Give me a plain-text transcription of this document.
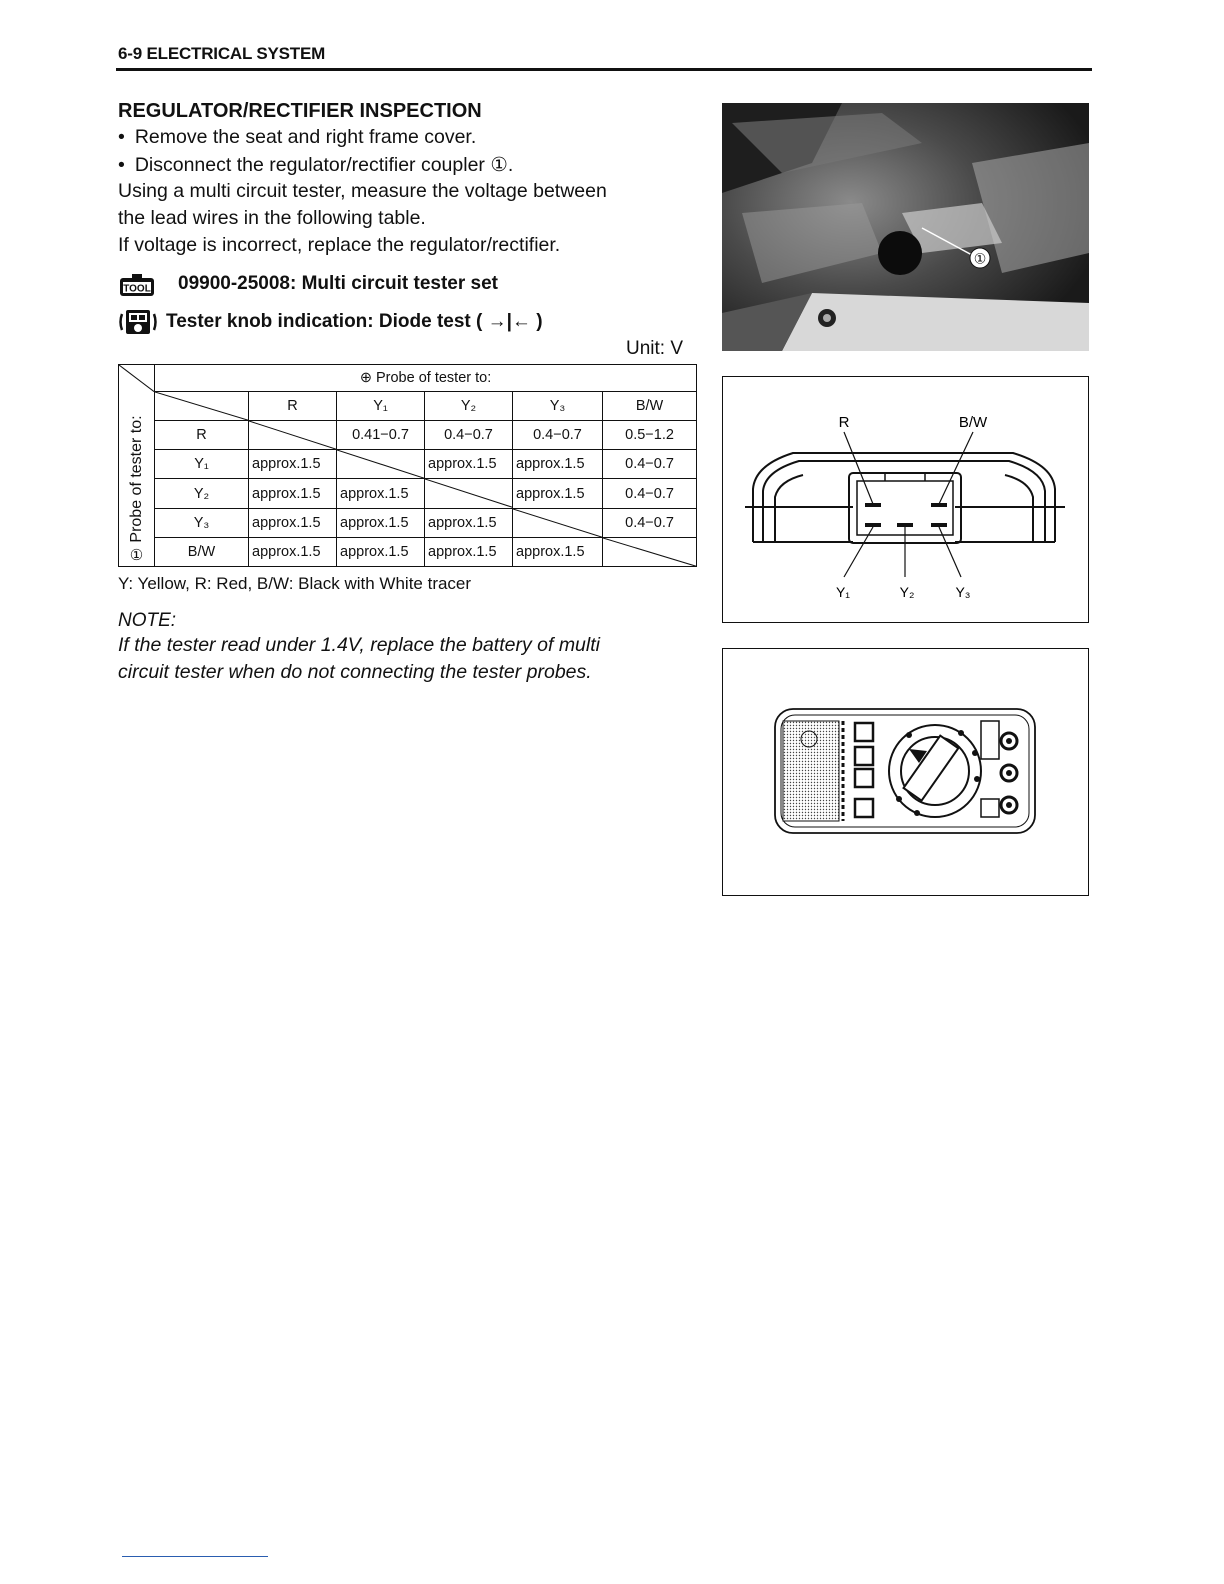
6-9 ELECTRICAL SYSTEM
REGULATOR/RECTIFIER INSPECTION
• Remove the seat and right frame cover.
• Disconnect the regulator/rectifier coupler ①.
Using a multi circuit tester, measure the voltage between
the lead wires in the following table.
If voltage is incorrect, replace the regulator/rectifier.
TOOL 09900-25008: Multi circuit tester set
Tester knob indication: Diode test ( →|← )
Unit: V
	⊕ Probe of tester to:					

Probe of tester to:
①		R	Y₁	Y₂	Y₃	B/W
	R		0.41−0.7	0.4−0.7	0.4−0.7	0.5−1.2
	Y₁	approx.1.5		approx.1.5	approx.1.5	0.4−0.7
	Y₂	approx.1.5	approx.1.5		approx.1.5	0.4−0.7
	Y₃	approx.1.5	approx.1.5	approx.1.5		0.4−0.7
	B/W	approx.1.5	approx.1.5	approx.1.5	approx.1.5	
Y: Yellow, R: Red, B/W: Black with White tracer
NOTE:
If the tester read under 1.4V, replace the battery of multi
circuit tester when do not connecting the tester probes.
①
R	B/W
Y₁	Y₂	Y₃
